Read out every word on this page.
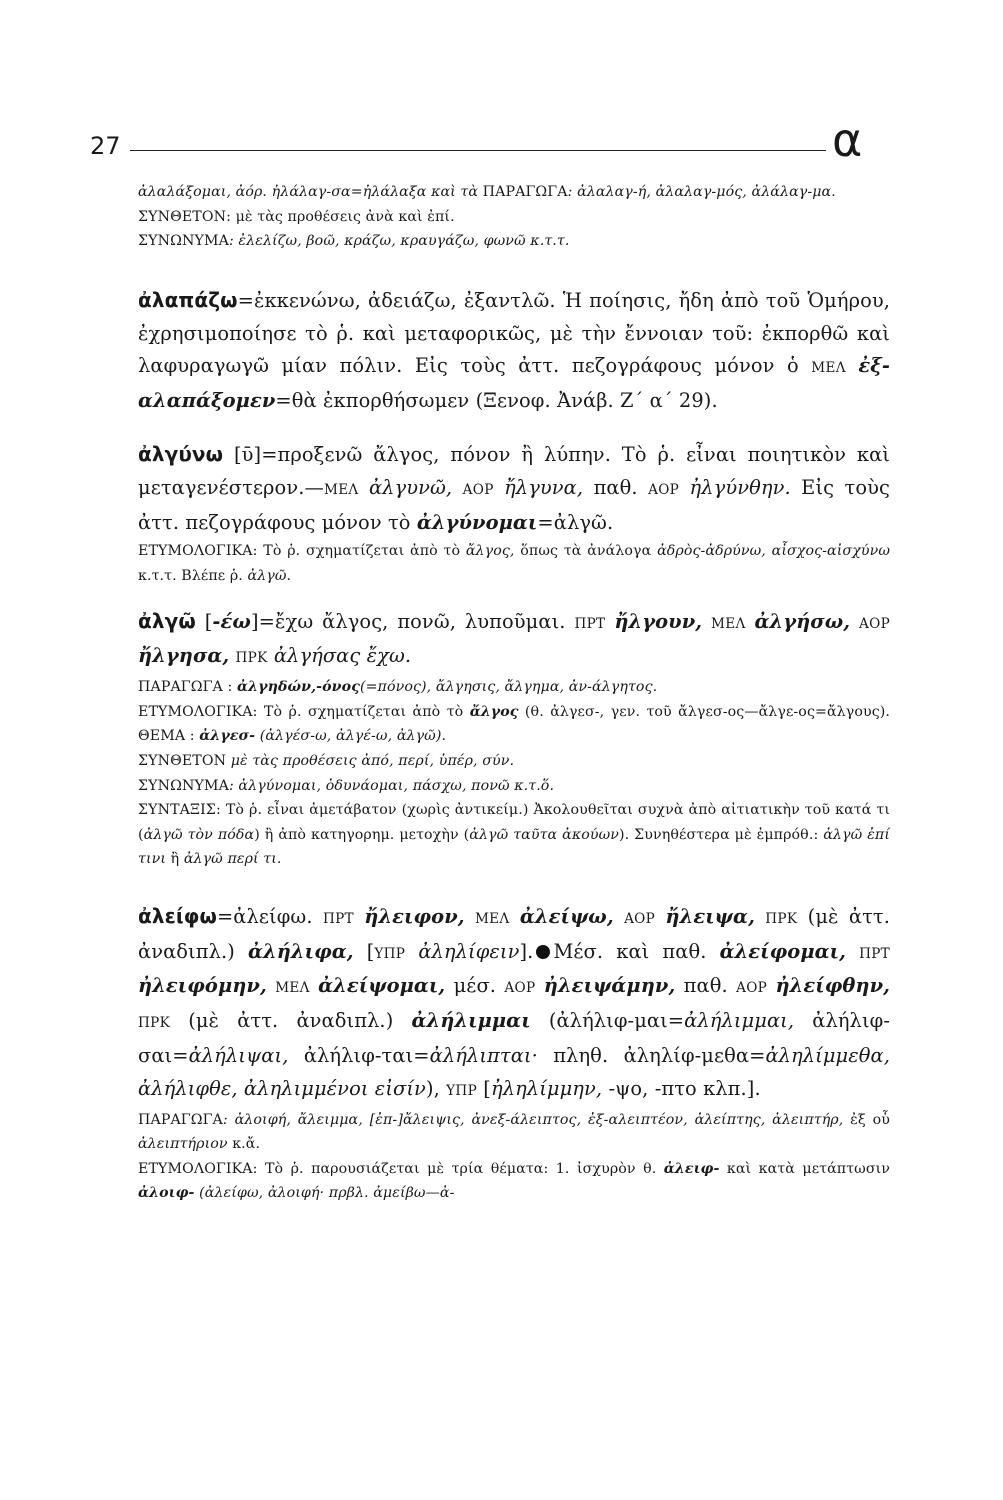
27	α
ἀλαλάξομαι, ἀόρ. ἠλάλαγ-σα=ἠλάλαξα καὶ τὰ ΠΑΡΑΓΩΓΑ: ἀλαλαγ-ή, ἀλαλαγ-μός, ἀλάλαγ-μα.
ΣΥΝΘΕΤΟΝ: μὲ τὰς προθέσεις ἀνὰ καὶ ἐπί.
ΣΥΝΩΝΥΜΑ: ἐλελίζω, βοῶ, κράζω, κραυγάζω, φωνῶ κ.τ.τ.
ἀλαπάζω=ἐκκενώνω, ἀδειάζω, ἐξαντλῶ. Ἡ ποίησις, ἤδη ἀπὸ τοῦ Ὁμήρου, ἐχρησιμοποίησε τὸ ῥ. καὶ μεταφορικῶς, μὲ τὴν ἔννοιαν τοῦ: ἐκπορθῶ καὶ λαφυραγωγῶ μίαν πόλιν. Εἰς τοὺς ἀττ. πεζογράφους μόνον ὁ ΜΕΛ ἐξ-αλαπάξομεν=θὰ ἐκπορθήσωμεν (Ξενοφ. Ἀνάβ. Ζ΄ α΄ 29).
ἀλγύνω [ῡ]=προξενῶ ἄλγος, πόνον ἢ λύπην. Τὸ ῥ. εἶναι ποιητικὸν καὶ μεταγενέστερον.—ΜΕΛ ἀλγυνῶ, ΑΟΡ ἤλγυνα, παθ. ΑΟΡ ἠλγύνθην. Εἰς τοὺς ἀττ. πεζογράφους μόνον τὸ ἀλγύνομαι=ἀλγῶ.
ΕΤΥΜΟΛΟΓΙΚΑ: Τὸ ῥ. σχηματίζεται ἀπὸ τὸ ἄλγος, ὅπως τὰ ἀνάλογα ἀδρὸς-ἀδρύνω, αἶσχος-αἰσχύνω κ.τ.τ. Βλέπε ῥ. ἀλγῶ.
ἀλγῶ [-έω]=ἔχω ἄλγος, πονῶ, λυποῦμαι. ΠΡΤ ἤλγουν, ΜΕΛ ἀλγήσω, ΑΟΡ ἤλγησα, ΠΡΚ ἀλγήσας ἔχω.
ΠΑΡΑΓΩΓΑ : ἀλγηδών,-όνος(=πόνος), ἄλγησις, ἄλγημα, ἀν-άλγητος.
ΕΤΥΜΟΛΟΓΙΚΑ: Τὸ ῥ. σχηματίζεται ἀπὸ τὸ ἄλγος (θ. ἀλγεσ-, γεν. τοῦ ἄλγεσ-ος—ἄλγε-ος=ἄλγους). ΘΕΜΑ : ἀλγεσ- (ἀλγέσ-ω, ἀλγέ-ω, ἀλγῶ).
ΣΥΝΘΕΤΟΝ μὲ τὰς προθέσεις ἀπό, περί, ὑπέρ, σύν.
ΣΥΝΩΝΥΜΑ: ἀλγύνομαι, ὀδυνάομαι, πάσχω, πονῶ κ.τ.ὅ.
ΣΥΝΤΑΞΙΣ: Τὸ ῥ. εἶναι ἀμετάβατον (χωρὶς ἀντικείμ.) Ἀκολουθεῖται συχνὰ ἀπὸ αἰτιατικὴν τοῦ κατά τι (ἀλγῶ τὸν πόδα) ἢ ἀπὸ κατηγορημ. μετοχὴν (ἀλγῶ ταῦτα ἀκούων). Συνηθέστερα μὲ ἐμπρόθ.: ἀλγῶ ἐπί τινι ἢ ἀλγῶ περί τι.
ἀλείφω=ἀλείφω. ΠΡΤ ἤλειφον, ΜΕΛ ἀλείψω, ΑΟΡ ἤλειψα, ΠΡΚ (μὲ ἀττ. ἀναδιπλ.) ἀλήλιφα, [ΥΠΡ ἀληλίφειν]. Μέσ. καὶ παθ. ἀλείφομαι, ΠΡΤ ἠλειφόμην, ΜΕΛ ἀλείψομαι, μέσ. ΑΟΡ ἠλειψάμην, παθ. ΑΟΡ ἠλείφθην, ΠΡΚ (μὲ ἀττ. ἀναδιπλ.) ἀλήλιμμαι (ἀλήλιφ-μαι=ἀλήλιμμαι, ἀλήλιφ-σαι=ἀλήλιψαι, ἀλήλιφ-ται=ἀλήλιπται· πληθ. ἀληλίφ-μεθα=ἀληλίμμεθα, ἀλήλιφθε, ἀληλιμμένοι εἰσίν), ΥΠΡ [ἠληλίμμην, -ψο, -πτο κλπ.].
ΠΑΡΑΓΩΓΑ: ἀλοιφή, ἄλειμμα, [ἐπ-]ἄλειψις, ἀνεξ-άλειπτος, ἐξ-αλειπτέον, ἀλείπτης, ἀλειπτήρ, ἐξ οὗ ἀλειπτήριον κ.ἄ.
ΕΤΥΜΟΛΟΓΙΚΑ: Τὸ ῥ. παρουσιάζεται μὲ τρία θέματα: 1. ἰσχυρὸν θ. ἀλειφ- καὶ κατὰ μετάπτωσιν ἀλοιφ- (ἀλείφω, ἀλοιφή· πρβλ. ἀμείβω—ἀ-
